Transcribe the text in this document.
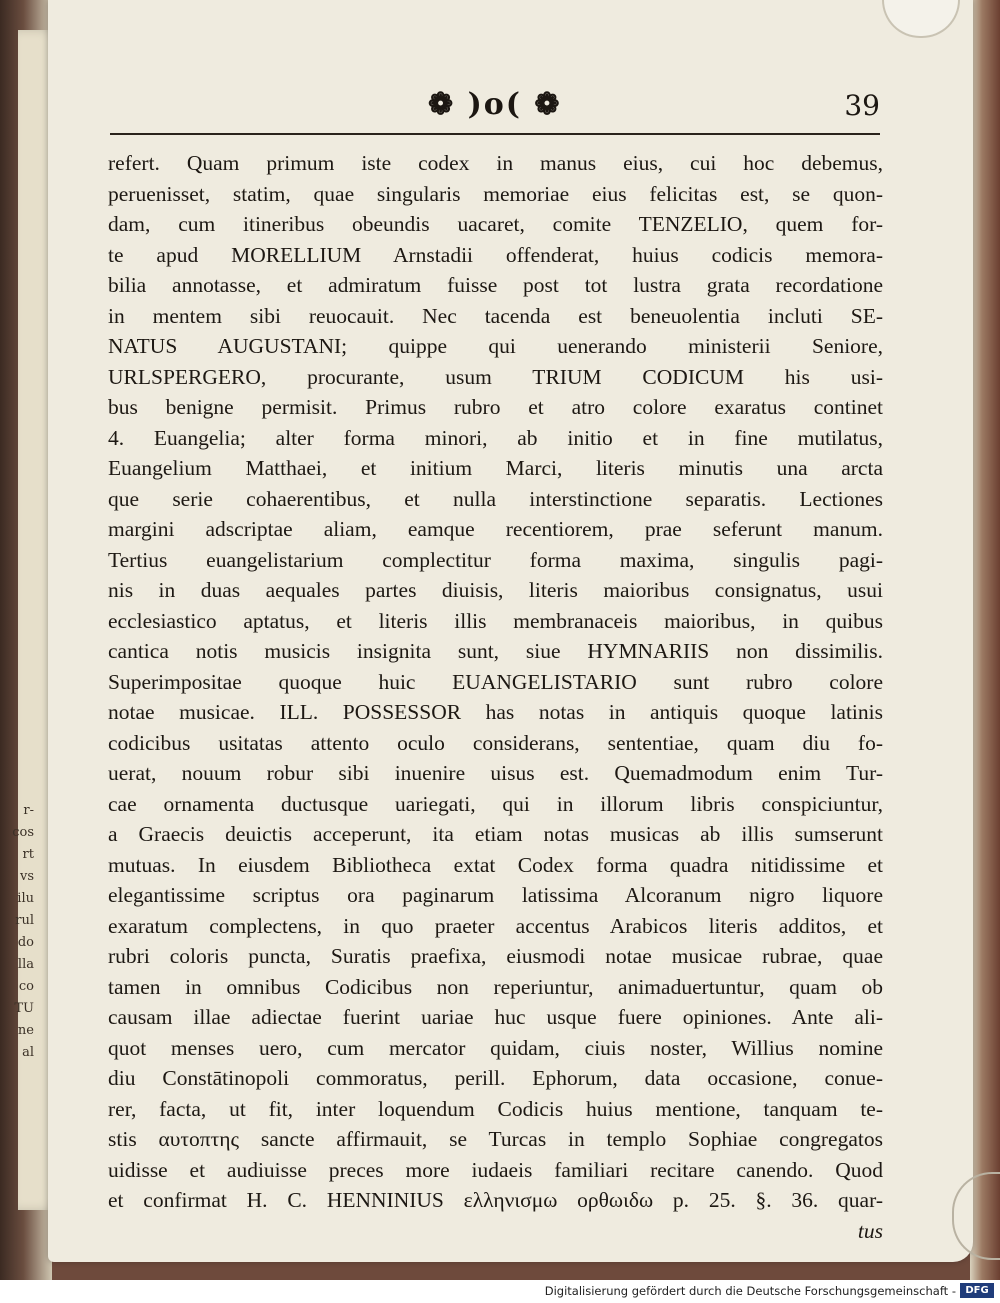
r-
cos
rt
vs
ilu
rul
do
lla
co
TU
ne
al
❁ )o( ❁	39
refert. Quam primum iste codex in manus eius, cui hoc debemus,
peruenisset, statim, quae singularis memoriae eius felicitas est, se quon-
dam, cum itineribus obeundis uacaret, comite TENZELIO, quem for-
te apud MORELLIUM Arnstadii offenderat, huius codicis memora-
bilia annotasse, et admiratum fuisse post tot lustra grata recordatione
in mentem sibi reuocauit. Nec tacenda est beneuolentia incluti SE-
NATUS AUGUSTANI; quippe qui uenerando ministerii Seniore,
URLSPERGERO, procurante, usum TRIUM CODICUM his usi-
bus benigne permisit. Primus rubro et atro colore exaratus continet
4. Euangelia; alter forma minori, ab initio et in fine mutilatus,
Euangelium Matthaei, et initium Marci, literis minutis una arcta
que serie cohaerentibus, et nulla interstinctione separatis. Lectiones
margini adscriptae aliam, eamque recentiorem, prae seferunt manum.
Tertius euangelistarium complectitur forma maxima, singulis pagi-
nis in duas aequales partes diuisis, literis maioribus consignatus, usui
ecclesiastico aptatus, et literis illis membranaceis maioribus, in quibus
cantica notis musicis insignita sunt, siue HYMNARIIS non dissimilis.
Superimpositae quoque huic EUANGELISTARIO sunt rubro colore
notae musicae. ILL. POSSESSOR has notas in antiquis quoque latinis
codicibus usitatas attento oculo considerans, sententiae, quam diu fo-
uerat, nouum robur sibi inuenire uisus est. Quemadmodum enim Tur-
cae ornamenta ductusque uariegati, qui in illorum libris conspiciuntur,
a Graecis deuictis acceperunt, ita etiam notas musicas ab illis sumserunt
mutuas. In eiusdem Bibliotheca extat Codex forma quadra nitidissime et
elegantissime scriptus ora paginarum latissima Alcoranum nigro liquore
exaratum complectens, in quo praeter accentus Arabicos literis additos, et
rubri coloris puncta, Suratis praefixa, eiusmodi notae musicae rubrae, quae
tamen in omnibus Codicibus non reperiuntur, animaduertuntur, quam ob
causam illae adiectae fuerint uariae huc usque fuere opiniones. Ante ali-
quot menses uero, cum mercator quidam, ciuis noster, Willius nomine
diu Constātinopoli commoratus, perill. Ephorum, data occasione, conue-
rer, facta, ut fit, inter loquendum Codicis huius mentione, tanquam te-
stis αυτοπτης sancte affirmauit, se Turcas in templo Sophiae congregatos
uidisse et audiuisse preces more iudaeis familiari recitare canendo. Quod
et confirmat H. C. HENNINIUS ελληνισμω ορθωιδω p. 25. §. 36. quar-
tus
Digitalisierung gefördert durch die Deutsche Forschungsgemeinschaft - DFG
